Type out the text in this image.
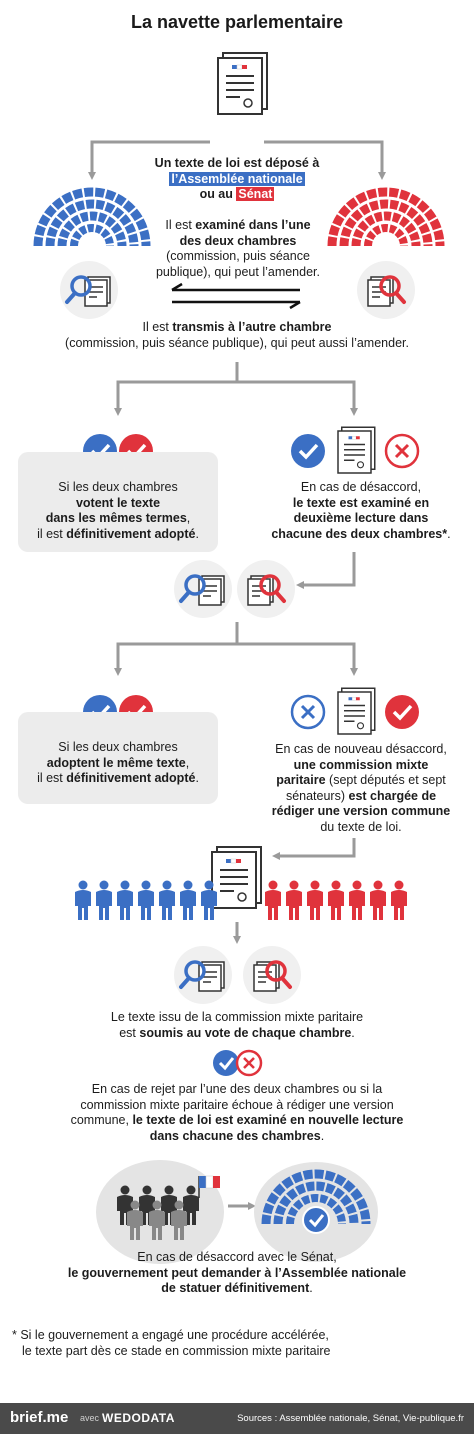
La navette parlementaire
Un texte de loi est déposé à
l’Assemblée nationale
ou au Sénat
Il est examiné dans l’une
des deux chambres
(commission, puis séance
publique), qui peut l’amender.
Il est transmis à l’autre chambre
(commission, puis séance publique), qui peut aussi l’amender.
Si les deux chambres
votent le texte
dans les mêmes termes,
il est définitivement adopté.
En cas de désaccord,
le texte est examiné en
deuxième lecture dans
chacune des deux chambres*.
Si les deux chambres
adoptent le même texte,
il est définitivement adopté.
En cas de nouveau désaccord,
une commission mixte
paritaire (sept députés et sept
sénateurs) est chargée de
rédiger une version commune
du texte de loi.
Le texte issu de la commission mixte paritaire
est soumis au vote de chaque chambre.
En cas de rejet par l’une des deux chambres ou si la
commission mixte paritaire échoue à rédiger une version
commune, le texte de loi est examiné en nouvelle lecture
dans chacune des chambres.
En cas de désaccord avec le Sénat,
le gouvernement peut demander à l’Assemblée nationale
de statuer définitivement.
* Si le gouvernement a engagé une procédure accélérée,
le texte part dès ce stade en commission mixte paritaire
brief.me avec WEDODATA	Sources : Assemblée nationale, Sénat, Vie-publique.fr
